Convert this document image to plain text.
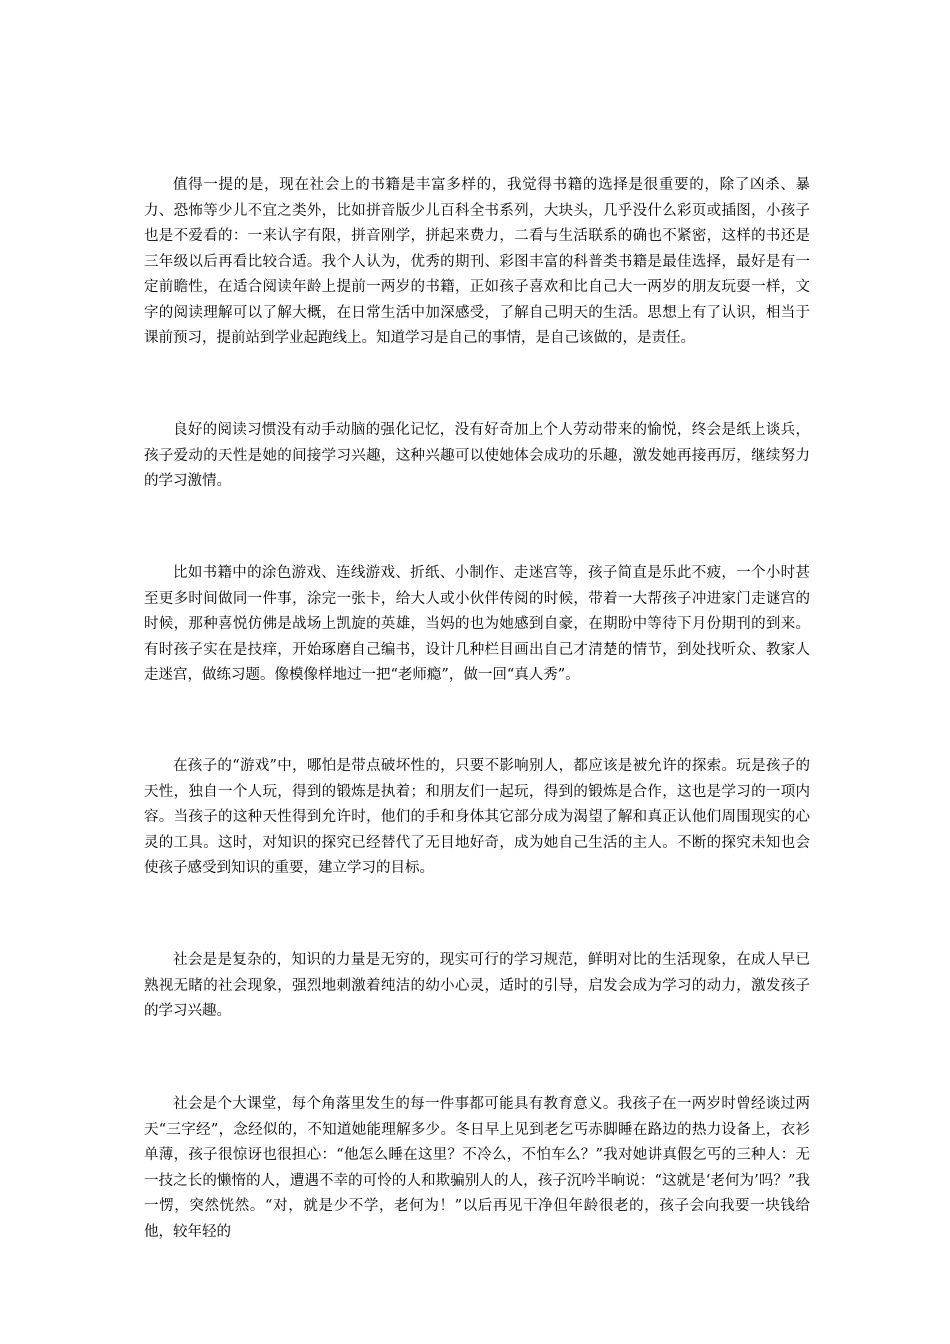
值得一提的是，现在社会上的书籍是丰富多样的，我觉得书籍的选择是很重要的，除了凶杀、暴力、恐怖等少儿不宜之类外，比如拼音版少儿百科全书系列，大块头，几乎没什么彩页或插图，小孩子也是不爱看的：一来认字有限，拼音刚学，拼起来费力，二看与生活联系的确也不紧密，这样的书还是三年级以后再看比较合适。我个人认为，优秀的期刊、彩图丰富的科普类书籍是最佳选择，最好是有一定前瞻性，在适合阅读年龄上提前一两岁的书籍，正如孩子喜欢和比自己大一两岁的朋友玩耍一样，文字的阅读理解可以了解大概，在日常生活中加深感受，了解自己明天的生活。思想上有了认识，相当于课前预习，提前站到学业起跑线上。知道学习是自己的事情，是自己该做的，是责任。

良好的阅读习惯没有动手动脑的强化记忆，没有好奇加上个人劳动带来的愉悦，终会是纸上谈兵，孩子爱动的天性是她的间接学习兴趣，这种兴趣可以使她体会成功的乐趣，激发她再接再厉，继续努力的学习激情。

比如书籍中的涂色游戏、连线游戏、折纸、小制作、走迷宫等，孩子简直是乐此不疲，一个小时甚至更多时间做同一件事，涂完一张卡，给大人或小伙伴传阅的时候，带着一大帮孩子冲进家门走谜宫的时候，那种喜悦仿佛是战场上凯旋的英雄，当妈的也为她感到自豪，在期盼中等待下月份期刊的到来。有时孩子实在是技痒，开始琢磨自己编书，设计几种栏目画出自己才清楚的情节，到处找听众、教家人走迷宫，做练习题。像模像样地过一把“老师瘾”，做一回“真人秀”。

在孩子的“游戏”中，哪怕是带点破坏性的，只要不影响别人，都应该是被允许的探索。玩是孩子的天性，独自一个人玩，得到的锻炼是执着；和朋友们一起玩，得到的锻炼是合作，这也是学习的一项内容。当孩子的这种天性得到允许时，他们的手和身体其它部分成为渴望了解和真正认他们周围现实的心灵的工具。这时，对知识的探究已经替代了无目地好奇，成为她自己生活的主人。不断的探究未知也会使孩子感受到知识的重要，建立学习的目标。

社会是是复杂的，知识的力量是无穷的，现实可行的学习规范，鲜明对比的生活现象，在成人早已熟视无睹的社会现象，强烈地刺激着纯洁的幼小心灵，适时的引导，启发会成为学习的动力，激发孩子的学习兴趣。

社会是个大课堂，每个角落里发生的每一件事都可能具有教育意义。我孩子在一两岁时曾经谈过两天“三字经”，念经似的，不知道她能理解多少。冬日早上见到老乞丐赤脚睡在路边的热力设备上，衣衫单薄，孩子很惊讶也很担心：“他怎么睡在这里？不冷么，不怕车么？”我对她讲真假乞丐的三种人：无一技之长的懒惰的人，遭遇不幸的可怜的人和欺骗别人的人，孩子沉吟半晌说：“这就是‘老何为’吗？”我一愣，突然恍然。“对，就是少不学，老何为！”以后再见干净但年龄很老的，孩子会向我要一块钱给他，较年轻的
